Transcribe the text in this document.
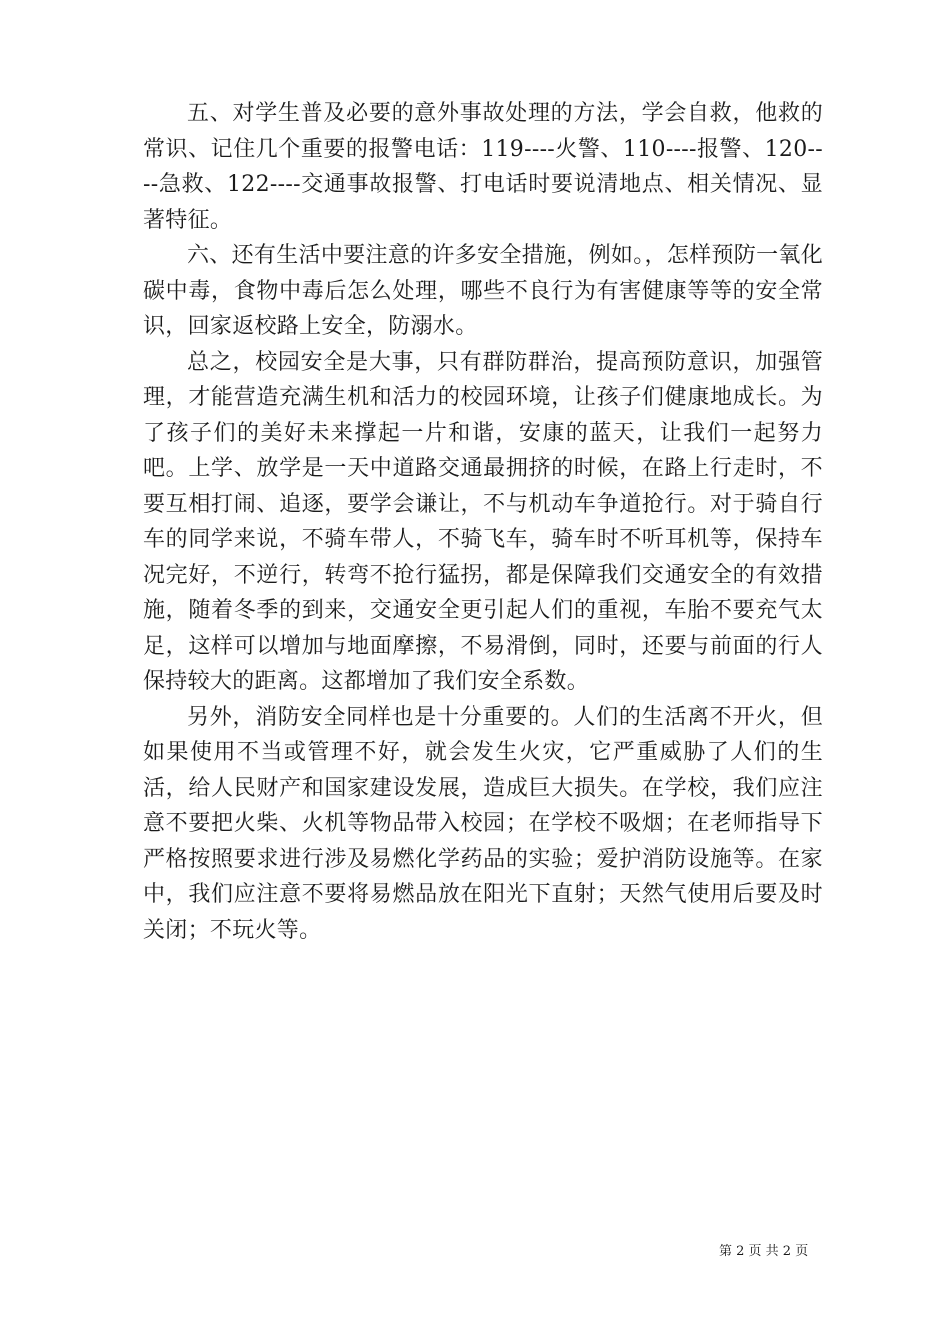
五、对学生普及必要的意外事故处理的方法，学会自救，他救的常识、记住几个重要的报警电话：119----火警、110----报警、120----急救、122----交通事故报警、打电话时要说清地点、相关情况、显著特征。

六、还有生活中要注意的许多安全措施，例如。，怎样预防一氧化碳中毒，食物中毒后怎么处理，哪些不良行为有害健康等等的安全常识，回家返校路上安全，防溺水。

总之，校园安全是大事，只有群防群治，提高预防意识，加强管理，才能营造充满生机和活力的校园环境，让孩子们健康地成长。为了孩子们的美好未来撑起一片和谐，安康的蓝天，让我们一起努力吧。上学、放学是一天中道路交通最拥挤的时候，在路上行走时，不要互相打闹、追逐，要学会谦让，不与机动车争道抢行。对于骑自行车的同学来说，不骑车带人，不骑飞车，骑车时不听耳机等，保持车况完好，不逆行，转弯不抢行猛拐，都是保障我们交通安全的有效措施，随着冬季的到来，交通安全更引起人们的重视，车胎不要充气太足，这样可以增加与地面摩擦，不易滑倒，同时，还要与前面的行人保持较大的距离。这都增加了我们安全系数。

另外，消防安全同样也是十分重要的。人们的生活离不开火，但如果使用不当或管理不好，就会发生火灾，它严重威胁了人们的生活，给人民财产和国家建设发展，造成巨大损失。在学校，我们应注意不要把火柴、火机等物品带入校园；在学校不吸烟；在老师指导下严格按照要求进行涉及易燃化学药品的实验；爱护消防设施等。在家中，我们应注意不要将易燃品放在阳光下直射；天然气使用后要及时关闭；不玩火等。

第 2 页 共 2 页
